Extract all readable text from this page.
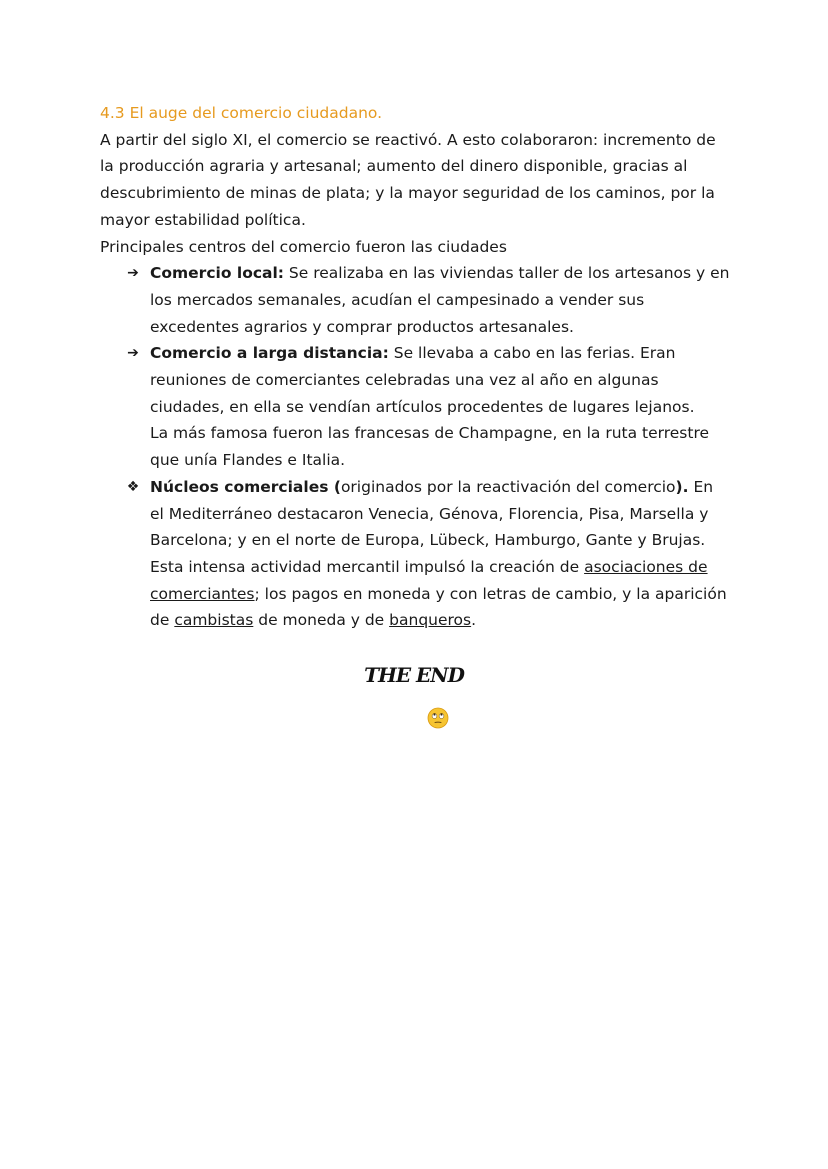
4.3 El auge del comercio ciudadano.

A partir del siglo XI, el comercio se reactivó. A esto colaboraron: incremento de la producción agraria y artesanal; aumento del dinero disponible, gracias al descubrimiento de minas de plata; y la mayor seguridad de los caminos, por la mayor estabilidad política.

Principales centros del comercio fueron las ciudades

➔ Comercio local: Se realizaba en las viviendas taller de los artesanos y en los mercados semanales, acudían el campesinado a vender sus excedentes agrarios y comprar productos artesanales.
➔ Comercio a larga distancia: Se llevaba a cabo en las ferias. Eran reuniones de comerciantes celebradas una vez al año en algunas ciudades, en ella se vendían artículos procedentes de lugares lejanos.
La más famosa fueron las francesas de Champagne, en la ruta terrestre que unía Flandes e Italia.
❖ Núcleos comerciales (originados por la reactivación del comercio). En el Mediterráneo destacaron Venecia, Génova, Florencia, Pisa, Marsella y Barcelona; y en el norte de Europa, Lübeck, Hamburgo, Gante y Brujas. Esta intensa actividad mercantil impulsó la creación de asociaciones de comerciantes; los pagos en moneda y con letras de cambio, y la aparición de cambistas de moneda y de banqueros.
THE END
